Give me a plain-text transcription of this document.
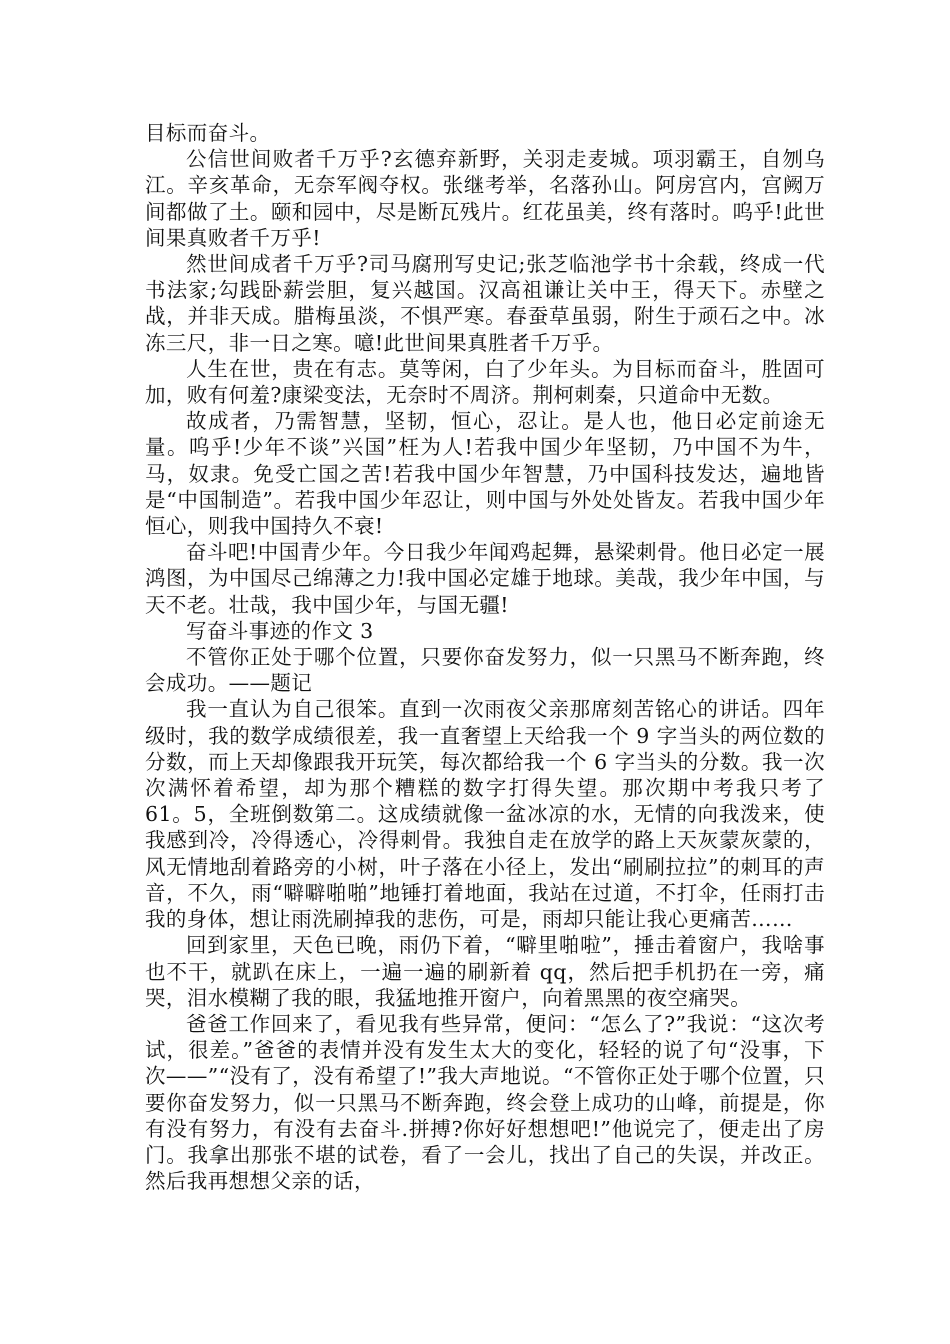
目标而奋斗。

公信世间败者千万乎?玄德弃新野，关羽走麦城。项羽霸王，自刎乌江。辛亥革命，无奈军阀夺权。张继考举，名落孙山。阿房宫内，宫阙万间都做了土。颐和园中，尽是断瓦残片。红花虽美，终有落时。呜乎!此世间果真败者千万乎!

然世间成者千万乎?司马腐刑写史记;张芝临池学书十余载，终成一代书法家;勾践卧薪尝胆，复兴越国。汉高祖谦让关中王，得天下。赤壁之战，并非天成。腊梅虽淡，不惧严寒。春蚕草虽弱，附生于顽石之中。冰冻三尺，非一日之寒。噫!此世间果真胜者千万乎。

人生在世，贵在有志。莫等闲，白了少年头。为目标而奋斗，胜固可加，败有何羞?康梁变法，无奈时不周济。荆柯刺秦，只道命中无数。

故成者，乃需智慧，坚韧，恒心，忍让。是人也，他日必定前途无量。呜乎!少年不谈”兴国”枉为人!若我中国少年坚韧，乃中国不为牛，马，奴隶。免受亡国之苦!若我中国少年智慧，乃中国科技发达，遍地皆是“中国制造”。若我中国少年忍让，则中国与外处处皆友。若我中国少年恒心，则我中国持久不衰!

奋斗吧!中国青少年。今日我少年闻鸡起舞，悬梁刺骨。他日必定一展鸿图，为中国尽己绵薄之力!我中国必定雄于地球。美哉，我少年中国，与天不老。壮哉，我中国少年，与国无疆!

写奋斗事迹的作文 3

不管你正处于哪个位置，只要你奋发努力，似一只黑马不断奔跑，终会成功。——题记

我一直认为自己很笨。直到一次雨夜父亲那席刻苦铭心的讲话。四年级时，我的数学成绩很差，我一直奢望上天给我一个 9 字当头的两位数的分数，而上天却像跟我开玩笑，每次都给我一个 6 字当头的分数。我一次次满怀着希望，却为那个糟糕的数字打得失望。那次期中考我只考了 61。5，全班倒数第二。这成绩就像一盆冰凉的水，无情的向我泼来，使我感到冷，冷得透心，冷得刺骨。我独自走在放学的路上天灰蒙灰蒙的，风无情地刮着路旁的小树，叶子落在小径上，发出“刷刷拉拉”的刺耳的声音，不久，雨“噼噼啪啪”地锤打着地面，我站在过道，不打伞，任雨打击我的身体，想让雨洗刷掉我的悲伤，可是，雨却只能让我心更痛苦……

回到家里，天色已晚，雨仍下着，“噼里啪啦”，捶击着窗户，我啥事也不干，就趴在床上，一遍一遍的刷新着 qq，然后把手机扔在一旁，痛哭，泪水模糊了我的眼，我猛地推开窗户，向着黑黑的夜空痛哭。

爸爸工作回来了，看见我有些异常，便问：“怎么了?”我说：“这次考试，很差。”爸爸的表情并没有发生太大的变化，轻轻的说了句“没事，下次——”“没有了，没有希望了!”我大声地说。“不管你正处于哪个位置，只要你奋发努力，似一只黑马不断奔跑，终会登上成功的山峰，前提是，你有没有努力，有没有去奋斗.拼搏?你好好想想吧!”他说完了，便走出了房门。我拿出那张不堪的试卷，看了一会儿，找出了自己的失误，并改正。然后我再想想父亲的话，
